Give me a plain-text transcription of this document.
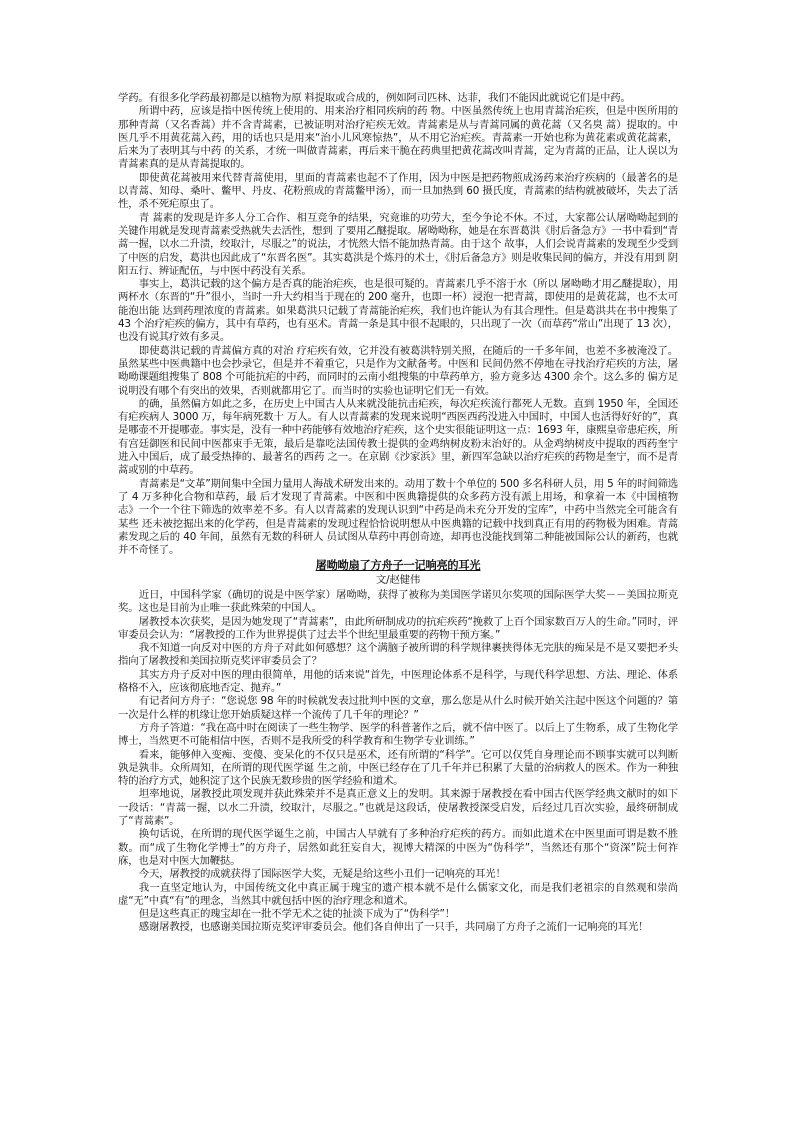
学药。有很多化学药最初都是以植物为原 料提取或合成的，例如阿司匹林、达菲，我们不能因此就说它们是中药。

所谓中药，应该是指中医传统上使用的、用来治疗相同疾病的药 物。中医虽然传统上也用青蒿治疟疾，但是中医所用的那种青蒿（又名香蒿）并不含青蒿素，已被证明对治疗疟疾无效。青蒿素是从与青蒿同属的黄花蒿（又名臭 蒿）提取的。中医几乎不用黄花蒿入药，用的话也只是用来“治小儿风寒惊热”，从不用它治疟疾。青蒿素一开始也称为黄花素或黄花蒿素，后来为了表明其与中药 的关系，才统一叫做青蒿素，再后来干脆在药典里把黄花蒿改叫青蒿，定为青蒿的正品，让人误以为青蒿素真的是从青蒿提取的。

即使黄花蒿被用来代替青蒿使用，里面的青蒿素也起不了作用，因为中医是把药物煎成汤药来治疗疾病的（最著名的是以青蒿、知母、桑叶、鳖甲、丹皮、花粉煎成的青蒿鳖甲汤），而一旦加热到 60 摄氏度，青蒿素的结构就被破坏，失去了活性，杀不死疟原虫了。

青 蒿素的发现是许多人分工合作、相互竞争的结果，究竟谁的功劳大，至今争论不休。不过，大家都公认屠呦呦起到的关键作用就是发现青蒿素受热就失去活性，想到 了要用乙醚提取。屠呦呦称，她是在东晋葛洪《肘后备急方》一书中看到“青蒿一握，以水二升渍，绞取汁，尽服之”的说法，才恍然大悟不能加热青蒿。由于这个 故事，人们会说青蒿素的发现至少受到了中医的启发，葛洪也因此成了“东晋名医”。其实葛洪是个炼丹的术士，《肘后备急方》则是收集民间的偏方，并没有用到 阴阳五行、辨证配伍，与中医中药没有关系。

事实上，葛洪记载的这个偏方是否真的能治疟疾，也是很可疑的。青蒿素几乎不溶于水（所以 屠呦呦才用乙醚提取），用两杯水（东晋的“升”很小，当时一升大约相当于现在的 200 毫升，也即一杯）浸泡一把青蒿，即使用的是黄花蒿，也不太可能泡出能 达到药理浓度的青蒿素。如果葛洪只记载了青蒿能治疟疾，我们也许能认为有其合理性。但是葛洪共在书中搜集了 43 个治疗疟疾的偏方，其中有草药，也有巫术。青蒿一条是其中很不起眼的，只出现了一次（而草药“常山”出现了 13 次），也没有说其疗效有多灵。

即使葛洪记载的青蒿偏方真的对治 疗疟疾有效，它并没有被葛洪特别关照，在随后的一千多年间，也差不多被淹没了。虽然某些中医典籍中也会抄录它，但是并不着重它，只是作为文献备考。中医和 民间仍然不停地在寻找治疗疟疾的方法，屠呦呦课题组搜集了 808 个可能抗疟的中药，而同时的云南小组搜集的中草药单方，验方竟多达 4300 余个。这么多的 偏方足说明没有哪个有突出的效果，否则就都用它了。而当时的实验也证明它们无一有效。

的确，虽然偏方如此之多，在历史上中国古人从来就没能抗击疟疾，每次疟疾流行都死人无数。直到 1950 年，全国还有疟疾病人 3000 万，每年病死数十 万人。有人以青蒿素的发现来说明“西医西药没进入中国时，中国人也活得好好的”，真是哪壶不开提哪壶。事实是，没有一种中药能够有效地治疗疟疾，这个史实很能证明这一点：1693 年，康熙皇帝患疟疾，所有宫廷御医和民间中医都束手无策，最后是靠吃法国传教士提供的金鸡纳树皮粉末治好的。从金鸡纳树皮中提取的西药奎宁进入中国后，成了最受热捧的、最著名的西药 之一。在京剧《沙家浜》里，新四军急缺以治疗疟疾的药物是奎宁，而不是青蒿或别的中草药。

青蒿素是“文革”期间集中全国力量用人海战术研发出来的。动用了数十个单位的 500 多名科研人员，用 5 年的时间筛选了 4 万多种化合物和草药，最 后才发现了青蒿素。中医和中医典籍提供的众多药方没有派上用场，和拿着一本《中国植物志》一个一个往下筛选的效率差不多。有人以青蒿素的发现认识到“中药是尚未充分开发的宝库”，中药中当然完全可能含有某些 还未被挖掘出来的化学药，但是青蒿素的发现过程恰恰说明想从中医典籍的记载中找到真正有用的药物极为困难。青蒿素发现之后的 40 年间，虽然有无数的科研人 员试图从草药中再创奇迹，却再也没能找到第二种能被国际公认的新药，也就并不奇怪了。

屠呦呦扇了方舟子一记响亮的耳光
文/赵健伟

近日，中国科学家（确切的说是中医学家）屠呦呦，获得了被称为美国医学诺贝尔奖项的国际医学大奖－－美国拉斯克奖。这也是目前为止唯一获此殊荣的中国人。

屠教授本次获奖，是因为她发现了“青蒿素”，由此所研制成功的抗疟疾药“挽救了上百个国家数百万人的生命。”同时，评审委员会认为：“屠教授的工作为世界提供了过去半个世纪里最重要的药物干预方案。”

我不知道一向反对中医的方舟子对此如何感想？这个满脑子被所谓的科学规律裹挟得体无完肤的痴呆是不是又要把矛头指向了屠教授和美国拉斯克奖评审委员会了？

其实方舟子反对中医的理由很简单，用他的话来说“首先，中医理论体系不是科学，与现代科学思想、方法、理论、体系格格不入，应该彻底地否定、抛弃。”

有记者问方舟子：“您说您 98 年的时候就发表过批判中医的文章，那么您是从什么时候开始关注起中医这个问题的？第一次是什么样的机缘让您开始质疑这样一个流传了几千年的理论？”

方舟子答道：“我在高中时在阅读了一些生物学、医学的科普著作之后，就不信中医了。以后上了生物系，成了生物化学博士，当然更不可能相信中医，否则不是我所受的科学教育和生物学专业训练。”

看来，能够伸入变痴、变傻、变呆化的不仅只是巫术，还有所谓的“科学”。它可以仅凭自身理论而不顾事实就可以判断孰是孰非。众所周知，在所谓的现代医学诞 生之前，中医已经存在了几千年并已积累了大量的治病救人的医术。作为一种独特的治疗方式，她积淀了这个民族无数珍贵的医学经验和道术。

坦率地说，屠教授此项发现并获此殊荣并不是真正意义上的发明。其来源于屠教授在看中国古代医学经典文献时的如下一段话：“青蒿一握，以水二升渍，绞取汁，尽服之。”也就是这段话，使屠教授深受启发，后经过几百次实验，最终研制成了“青蒿素”。

换句话说，在所谓的现代医学诞生之前，中国古人早就有了多种治疗疟疾的药方。而如此道术在中医里面可谓是数不胜数。而“成了生物化学博士”的方舟子，居然如此狂妄自大，视博大精深的中医为“伪科学”，当然还有那个“资深”院士何祚庥，也是对中医大加鞭挞。

今天，屠教授的成就获得了国际医学大奖，无疑是给这些小丑们一记响亮的耳光！

我一直坚定地认为，中国传统文化中真正属于瑰宝的遗产根本就不是什么儒家文化，而是我们老祖宗的自然观和崇尚虚“无”中真“有”的理念，当然其中就包括中医的治疗理念和道术。

但是这些真正的瑰宝却在一批不学无术之徒的扯淡下成为了“伪科学”！

感谢屠教授，也感谢美国拉斯克奖评审委员会。他们各自伸出了一只手，共同扇了方舟子之流们一记响亮的耳光！
